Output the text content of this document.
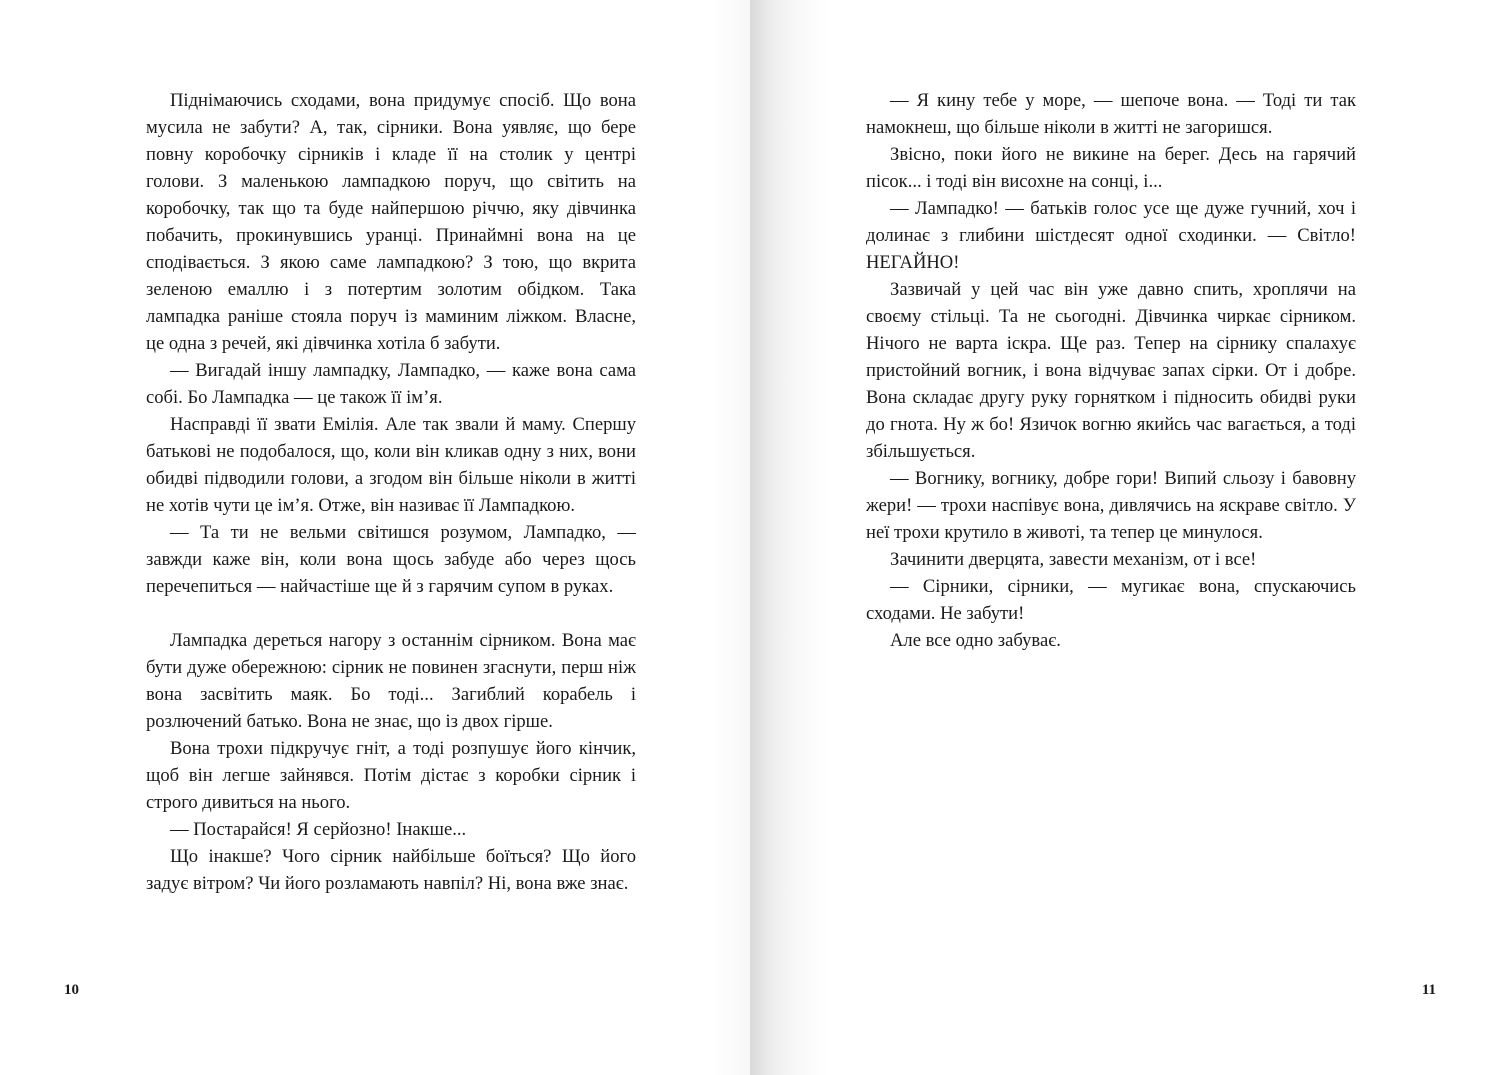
Піднімаючись сходами, вона придумує спосіб. Що вона мусила не забути? А, так, сірники. Вона уявляє, що бере повну коробочку сірників і кладе її на столик у центрі голови. З маленькою лампадкою поруч, що світить на коробочку, так що та буде найпершою річчю, яку дівчинка побачить, прокинувшись уранці. Принаймні вона на це сподівається. З якою саме лампадкою? З тою, що вкрита зеленою емаллю і з потертим золотим обідком. Така лампадка раніше стояла поруч із маминим ліжком. Власне, це одна з речей, які дівчинка хотіла б забути.

— Вигадай іншу лампадку, Лампадко, — каже вона сама собі. Бо Лампадка — це також її ім’я.

Насправді її звати Емілія. Але так звали й маму. Спершу батькові не подобалося, що, коли він кликав одну з них, вони обидві підводили голови, а згодом він більше ніколи в житті не хотів чути це ім’я. Отже, він називає її Лампадкою.

— Та ти не вельми світишся розумом, Лампадко, — завжди каже він, коли вона щось забуде або через щось перечепиться — найчастіше ще й з гарячим супом в руках.

Лампадка дереться нагору з останнім сірником. Вона має бути дуже обережною: сірник не повинен згаснути, перш ніж вона засвітить маяк. Бо тоді... Загиблий корабель і розлючений батько. Вона не знає, що із двох гірше.

Вона трохи підкручує гніт, а тоді розпушує його кінчик, щоб він легше зайнявся. Потім дістає з коробки сірник і строго дивиться на нього.

— Постарайся! Я серйозно! Інакше...

Що інакше? Чого сірник найбільше боїться? Що його задує вітром? Чи його розламають навпіл? Ні, вона вже знає.

10

— Я кину тебе у море, — шепоче вона. — Тоді ти так намокнеш, що більше ніколи в житті не загоришся.

Звісно, поки його не викине на берег. Десь на гарячий пісок... і тоді він висохне на сонці, і...

— Лампадко! — батьків голос усе ще дуже гучний, хоч і долинає з глибини шістдесят одної сходинки. — Світло! НЕГАЙНО!

Зазвичай у цей час він уже давно спить, хроплячи на своєму стільці. Та не сьогодні. Дівчинка чиркає сірником. Нічого не варта іскра. Ще раз. Тепер на сірнику спалахує пристойний вогник, і вона відчуває запах сірки. От і добре. Вона складає другу руку горнятком і підносить обидві руки до гнота. Ну ж бо! Язичок вогню якийсь час вагається, а тоді збільшується.

— Вогнику, вогнику, добре гори! Випий сльозу і бавовну жери! — трохи наспівує вона, дивлячись на яскраве світло. У неї трохи крутило в животі, та тепер це минулося.

Зачинити дверцята, завести механізм, от і все!

— Сірники, сірники, — мугикає вона, спускаючись сходами. Не забути!

Але все одно забуває.

11
